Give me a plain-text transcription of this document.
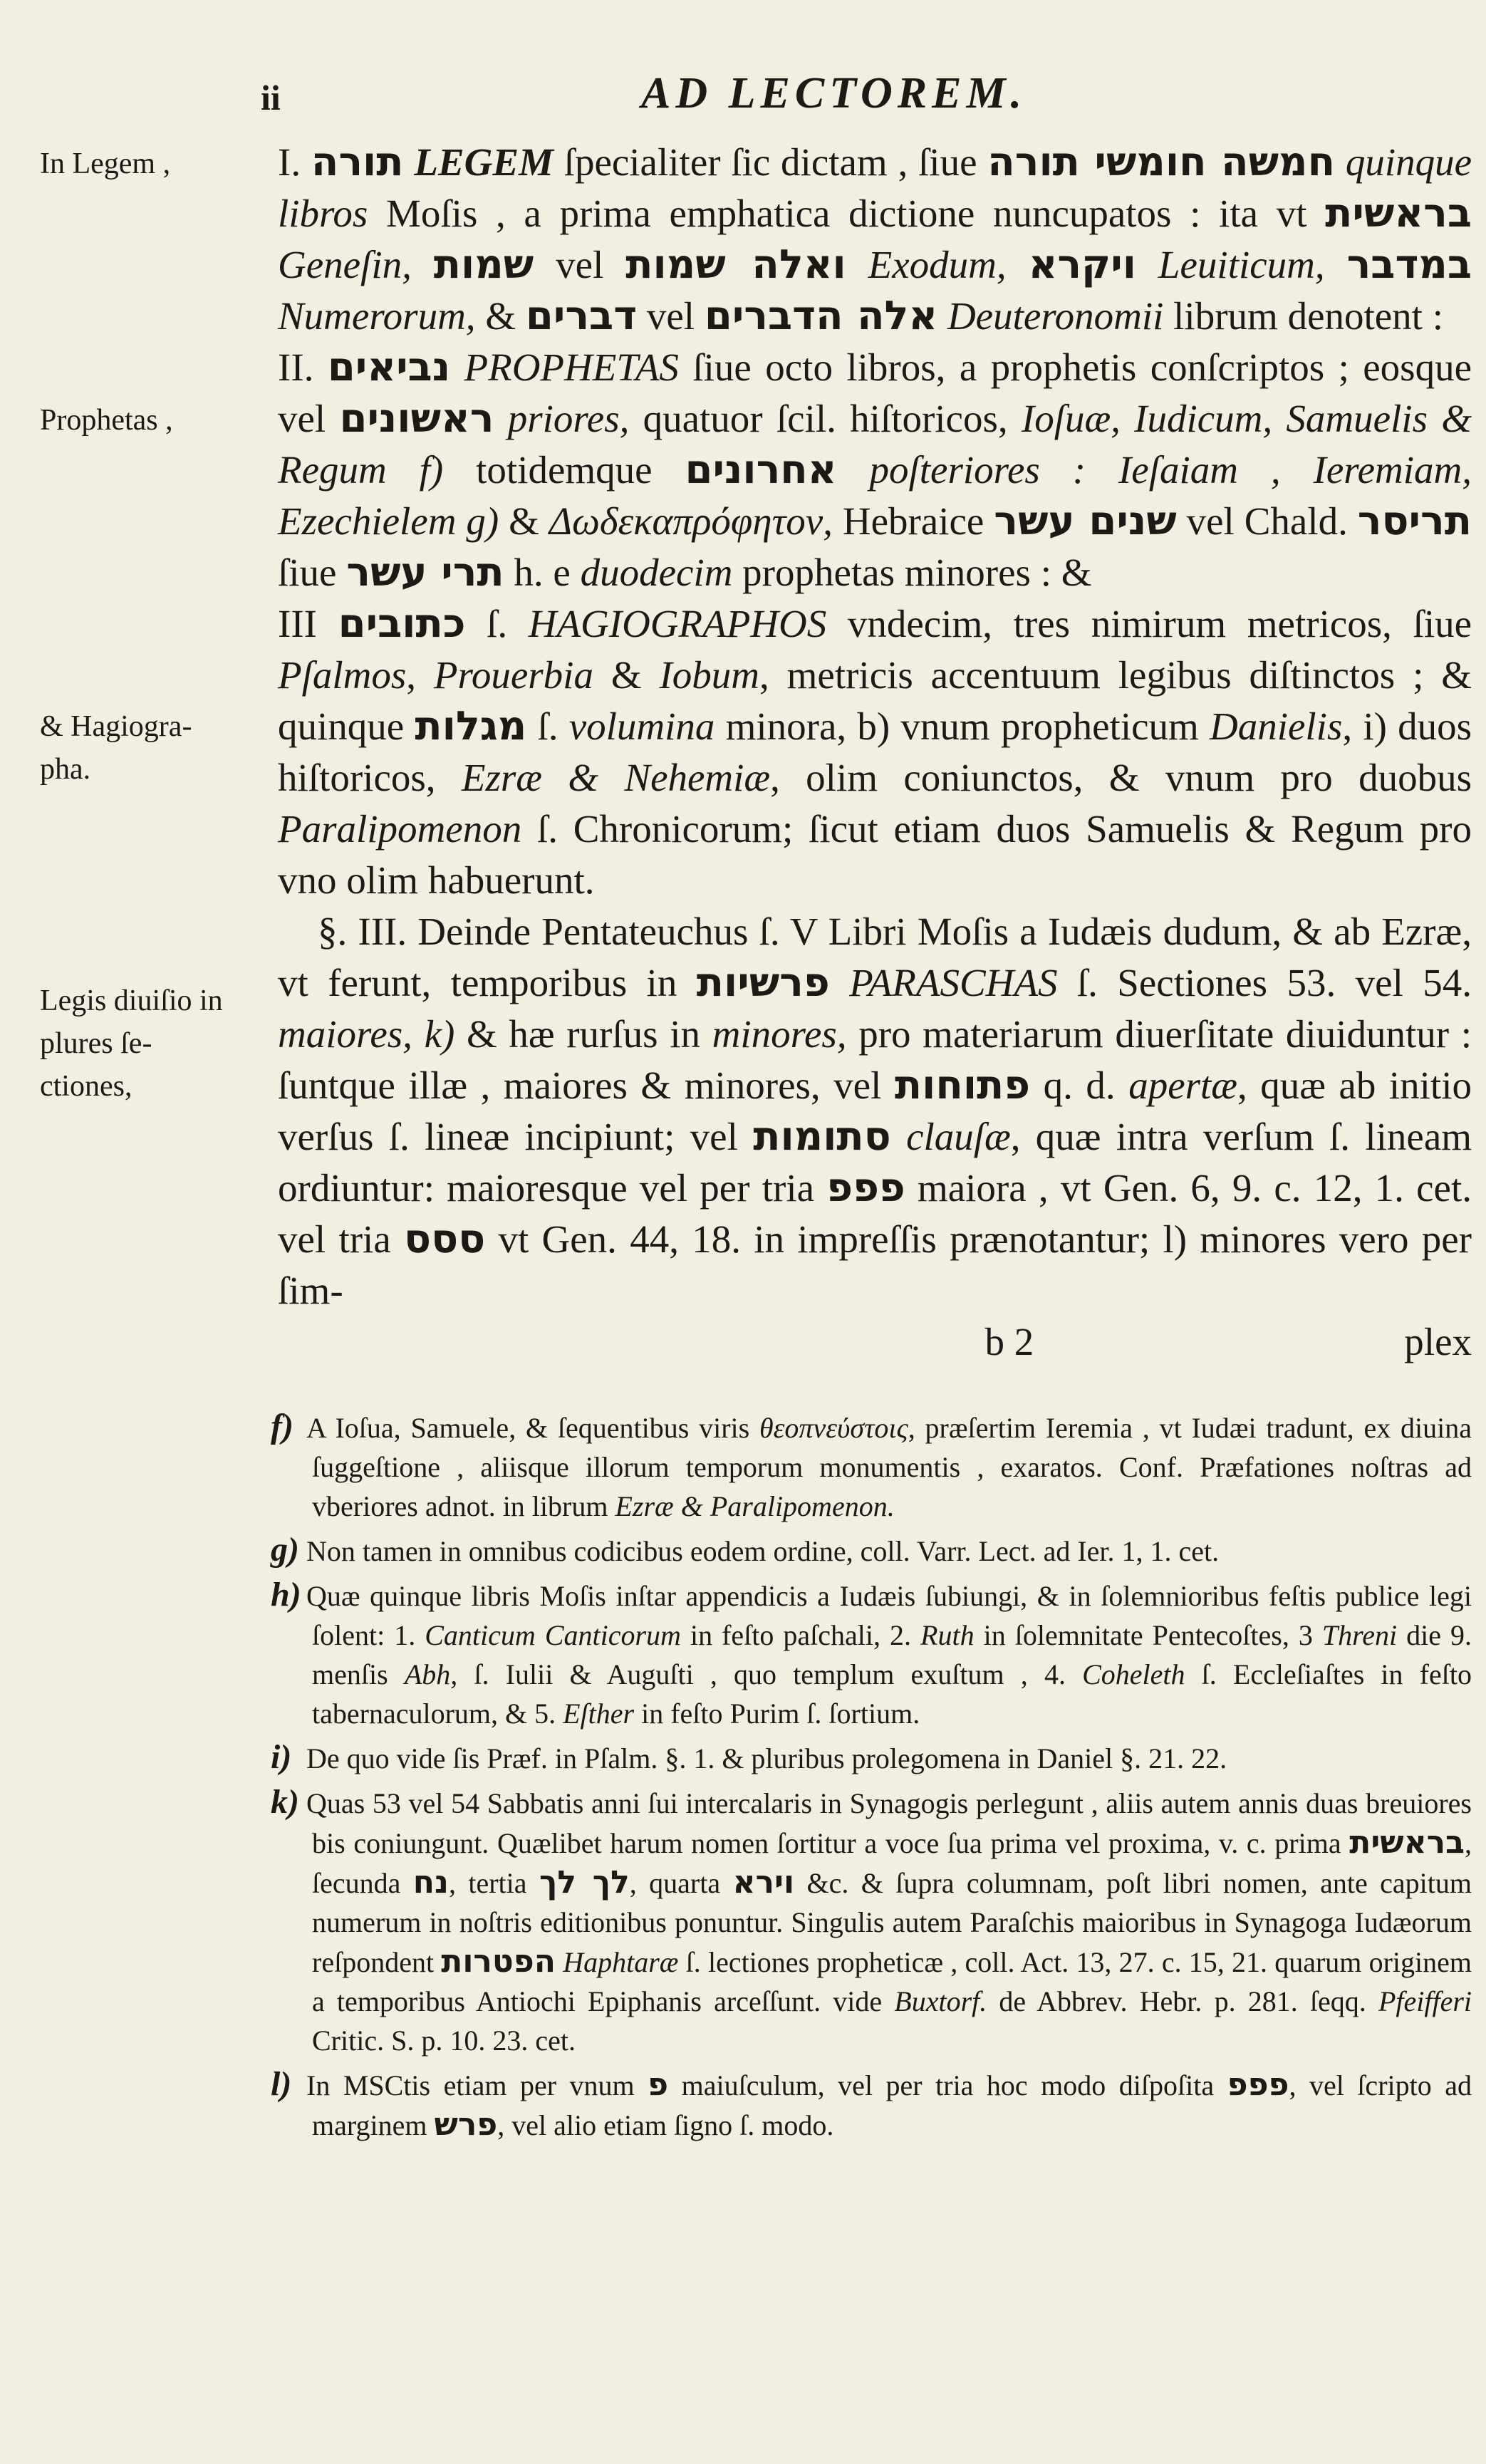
ii	AD LECTOREM.
In Legem ,
Prophetas ,
& Hagiogra- pha.
Legis diuiſio in plures ſe- ctiones,

I. תורה LEGEM ſpecialiter ſic dictam , ſiue חמשה חומשי תורה quinque libros Moſis , a prima emphatica dictione nuncupatos : ita vt בראשית Geneſin, שמות vel ואלה שמות Exodum, ויקרא Leuiticum, במדבר Numerorum, & דברים vel אלה הדברים Deuteronomii librum denotent :

II. נביאים PROPHETAS ſiue octo libros, a prophetis conſcriptos ; eosque vel ראשונים priores, quatuor ſcil. hiſtoricos, Ioſuæ, Iudicum, Samuelis & Regum f) totidemque אחרונים poſteriores : Ieſaiam , Ieremiam, Ezechielem g) & Δωδεκαπρόφητον, Hebraice שנים עשר vel Chald. תריסר ſiue תרי עשר h. e duodecim prophetas minores : &

III כתובים ſ. HAGIOGRAPHOS vndecim, tres nimirum metricos, ſiue Pſalmos, Prouerbia & Iobum, metricis accentuum legibus diſtinctos ; & quinque מגלות ſ. volumina minora, b) vnum propheticum Danielis, i) duos hiſtoricos, Ezræ & Nehemiæ, olim coniunctos, & vnum pro duobus Paralipomenon ſ. Chronicorum; ſicut etiam duos Samuelis & Regum pro vno olim habuerunt.

§. III. Deinde Pentateuchus ſ. V Libri Moſis a Iudæis dudum, & ab Ezræ, vt ferunt, temporibus in פרשיות PARASCHAS ſ. Sectiones 53. vel 54. maiores, k) & hæ rurſus in minores, pro materiarum diuerſitate diuiduntur : ſuntque illæ , maiores & minores, vel פתוחות q. d. apertæ, quæ ab initio verſus ſ. lineæ incipiunt; vel סתומות clauſæ, quæ intra verſum ſ. lineam ordiuntur: maioresque vel per tria פפפ maiora , vt Gen. 6, 9. c. 12, 1. cet. vel tria ססס vt Gen. 44, 18. in impreſſis prænotantur; l) minores vero per ſim-

b 2	plex

f) A Ioſua, Samuele, & ſequentibus viris θεοπνεύστοις, præſertim Ieremia , vt Iudæi tradunt, ex diuina ſuggeſtione , aliisque illorum temporum monumentis , exaratos. Conf. Præfationes noſtras ad vberiores adnot. in librum Ezræ & Paralipomenon.

g) Non tamen in omnibus codicibus eodem ordine, coll. Varr. Lect. ad Ier. 1, 1. cet.

h) Quæ quinque libris Moſis inſtar appendicis a Iudæis ſubiungi, & in ſolemnioribus feſtis publice legi ſolent: 1. Canticum Canticorum in feſto paſchali, 2. Ruth in ſolemnitate Pentecoſtes, 3 Threni die 9. menſis Abh, ſ. Iulii & Auguſti , quo templum exuſtum , 4. Coheleth ſ. Eccleſiaſtes in feſto tabernaculorum, & 5. Eſther in feſto Purim ſ. ſortium.

i) De quo vide ſis Præf. in Pſalm. §. 1. & pluribus prolegomena in Daniel §. 21. 22.

k) Quas 53 vel 54 Sabbatis anni ſui intercalaris in Synagogis perlegunt , aliis autem annis duas breuiores bis coniungunt. Quælibet harum nomen ſortitur a voce ſua prima vel proxima, v. c. prima בראשית, ſecunda נח, tertia לך לך, quarta וירא &c. & ſupra columnam, poſt libri nomen, ante capitum numerum in noſtris editionibus ponuntur. Singulis autem Paraſchis maioribus in Synagoga Iudæorum reſpondent הפטרות Haphtaræ ſ. lectiones propheticæ , coll. Act. 13, 27. c. 15, 21. quarum originem a temporibus Antiochi Epiphanis arceſſunt. vide Buxtorf. de Abbrev. Hebr. p. 281. ſeqq. Pfeifferi Critic. S. p. 10. 23. cet.

l) In MSCtis etiam per vnum פ maiuſculum, vel per tria hoc modo diſpoſita פפפ, vel ſcripto ad marginem פרש, vel alio etiam ſigno ſ. modo.
